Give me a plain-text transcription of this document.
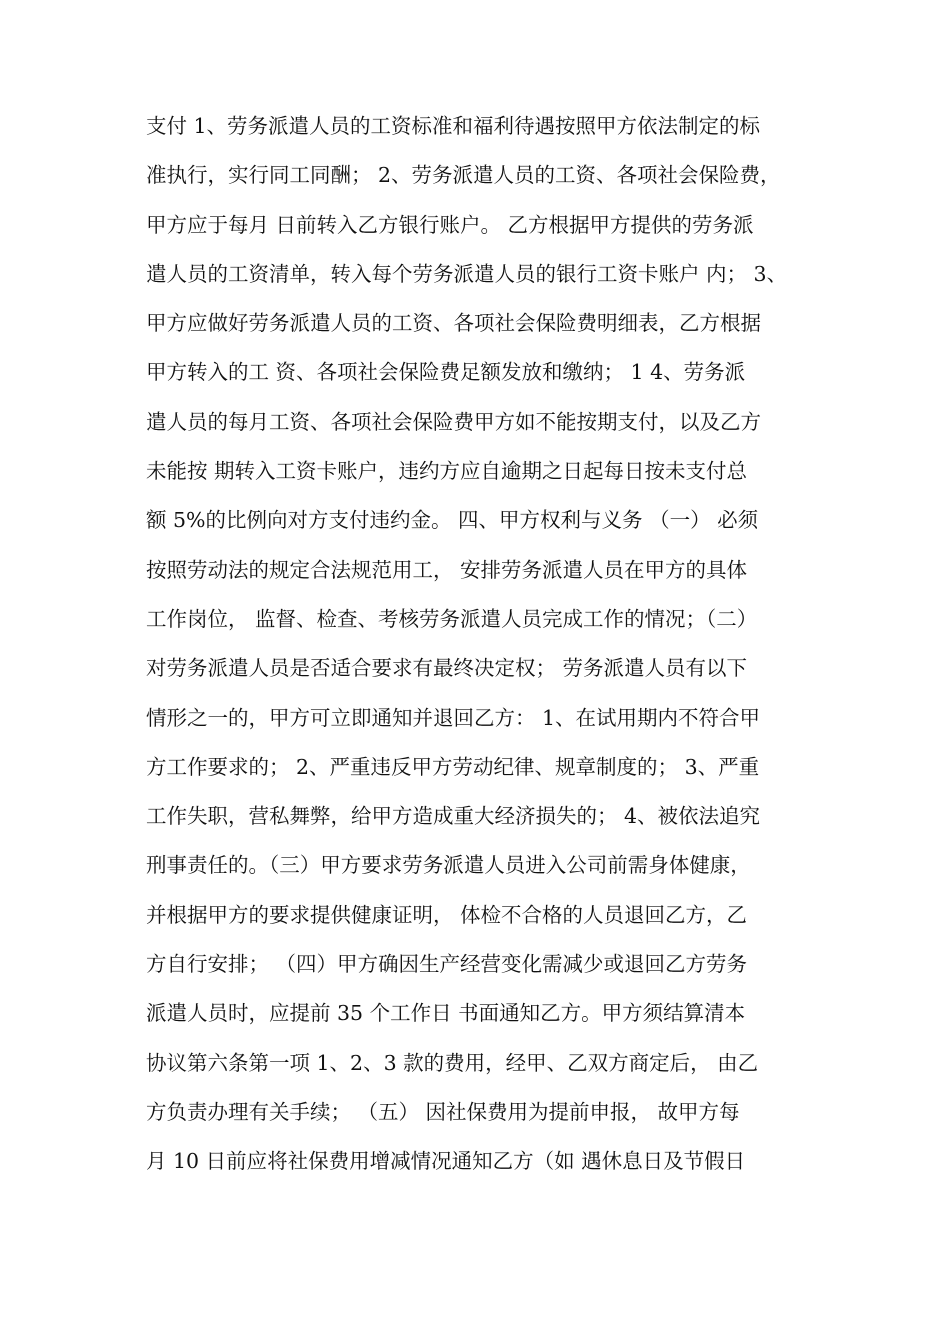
支付 1、劳务派遣人员的工资标准和福利待遇按照甲方依法制定的标
准执行，实行同工同酬； 2、劳务派遣人员的工资、各项社会保险费，
甲方应于每月 日前转入乙方银行账户。 乙方根据甲方提供的劳务派
遣人员的工资清单，转入每个劳务派遣人员的银行工资卡账户 内； 3、
甲方应做好劳务派遣人员的工资、各项社会保险费明细表，乙方根据
甲方转入的工 资、各项社会保险费足额发放和缴纳； 1 4、劳务派
遣人员的每月工资、各项社会保险费甲方如不能按期支付，以及乙方
未能按 期转入工资卡账户，违约方应自逾期之日起每日按未支付总
额 5%的比例向对方支付违约金。 四、甲方权利与义务 （一） 必须
按照劳动法的规定合法规范用工， 安排劳务派遣人员在甲方的具体
工作岗位， 监督、检查、考核劳务派遣人员完成工作的情况；（二）
对劳务派遣人员是否适合要求有最终决定权； 劳务派遣人员有以下
情形之一的，甲方可立即通知并退回乙方： 1、在试用期内不符合甲
方工作要求的； 2、严重违反甲方劳动纪律、规章制度的； 3、严重
工作失职，营私舞弊，给甲方造成重大经济损失的； 4、被依法追究
刑事责任的。（三）甲方要求劳务派遣人员进入公司前需身体健康，
并根据甲方的要求提供健康证明， 体检不合格的人员退回乙方，乙
方自行安排； （四）甲方确因生产经营变化需减少或退回乙方劳务
派遣人员时，应提前 35 个工作日 书面通知乙方。甲方须结算清本
协议第六条第一项 1、2、3 款的费用，经甲、乙双方商定后， 由乙
方负责办理有关手续； （五） 因社保费用为提前申报， 故甲方每
月 10 日前应将社保费用增减情况通知乙方（如 遇休息日及节假日
